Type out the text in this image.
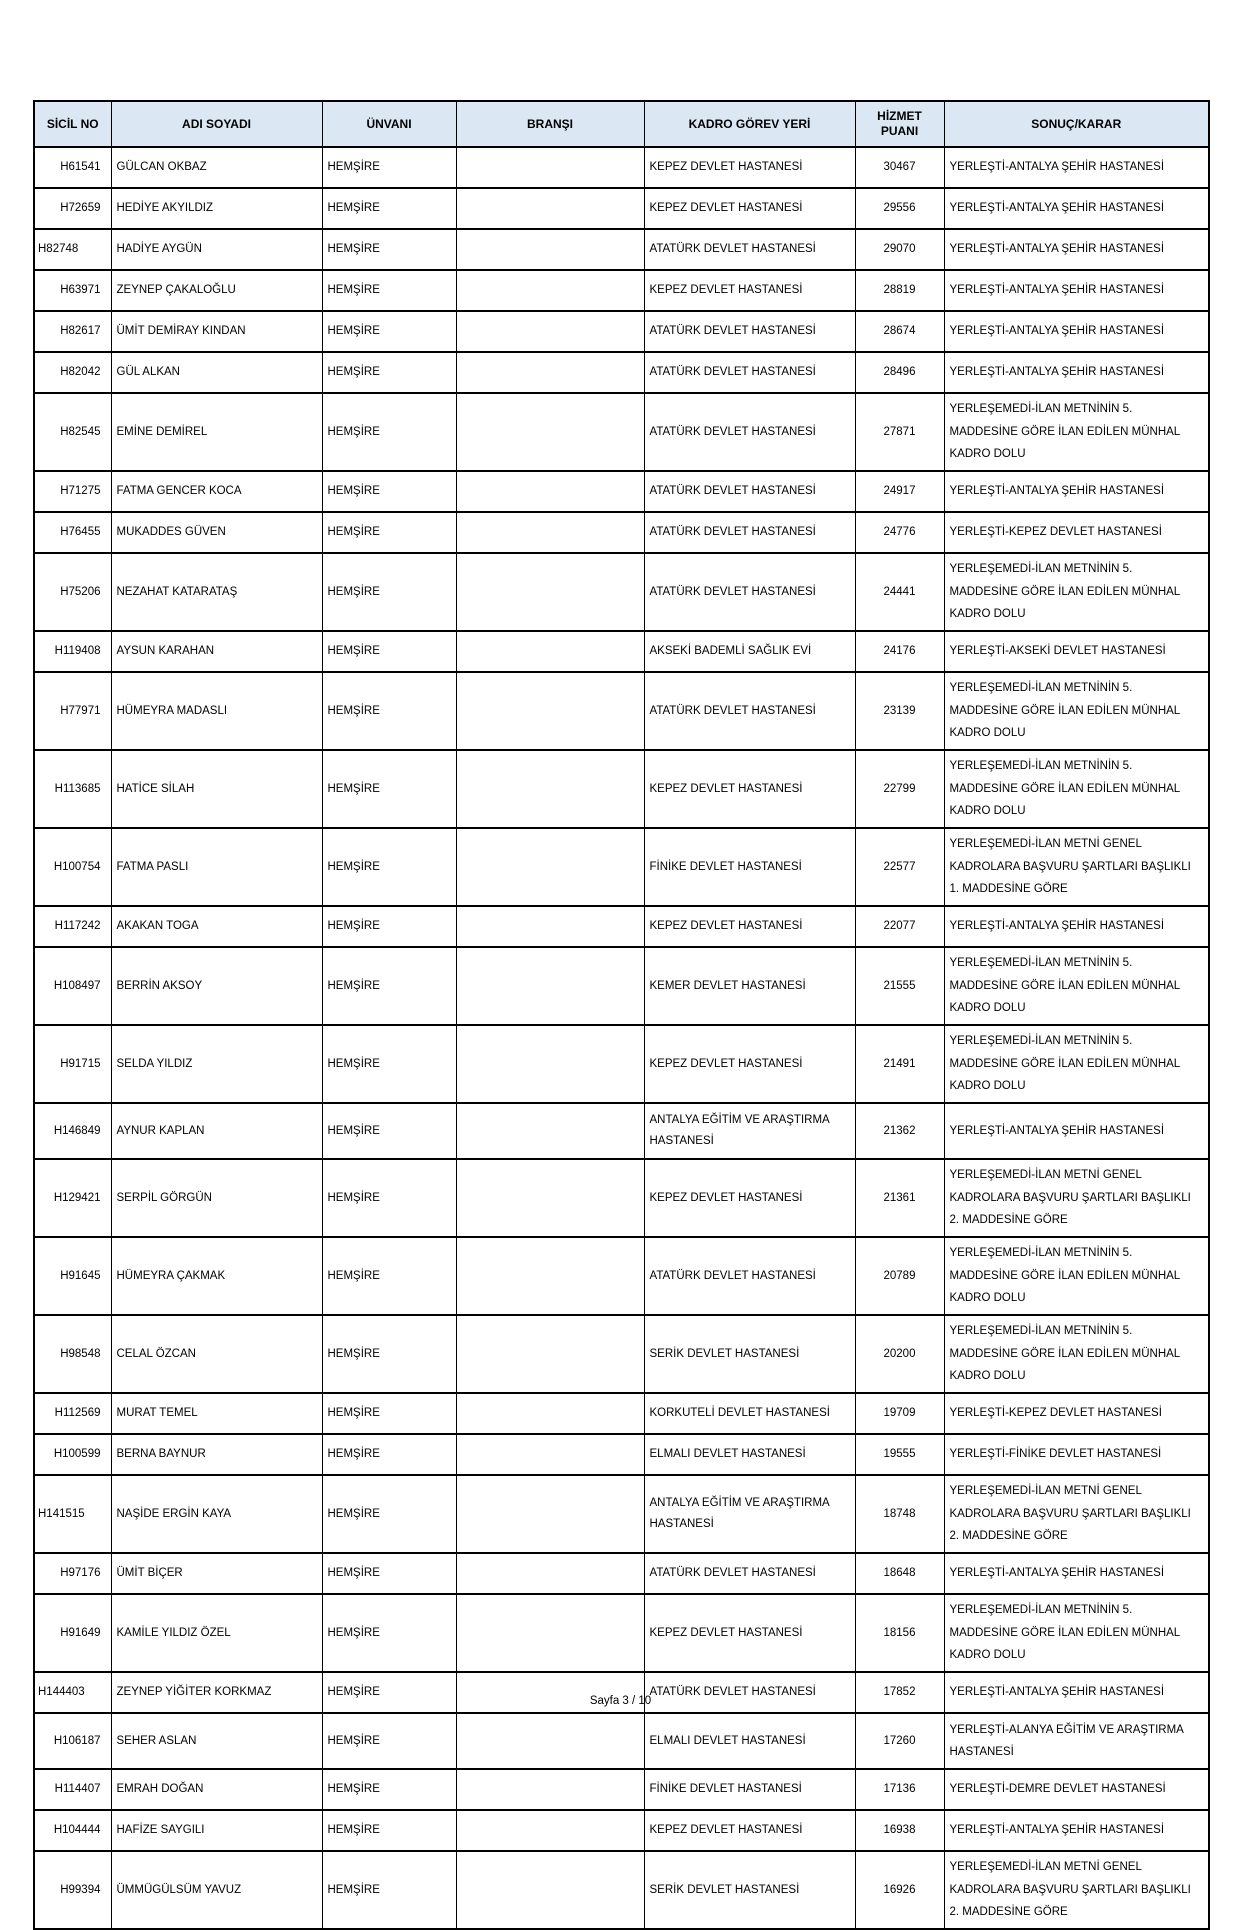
SİCİL NO	ADI SOYADI	ÜNVANI	BRANŞI	KADRO GÖREV YERİ	HİZMET PUANI	SONUÇ/KARAR
H61541	GÜLCAN OKBAZ	HEMŞİRE		KEPEZ DEVLET HASTANESİ	30467	YERLEŞTİ-ANTALYA ŞEHİR HASTANESİ
H72659	HEDİYE AKYILDIZ	HEMŞİRE		KEPEZ DEVLET HASTANESİ	29556	YERLEŞTİ-ANTALYA ŞEHİR HASTANESİ
H82748	HADİYE AYGÜN	HEMŞİRE		ATATÜRK DEVLET HASTANESİ	29070	YERLEŞTİ-ANTALYA ŞEHİR HASTANESİ
H63971	ZEYNEP ÇAKALOĞLU	HEMŞİRE		KEPEZ DEVLET HASTANESİ	28819	YERLEŞTİ-ANTALYA ŞEHİR HASTANESİ
H82617	ÜMİT DEMİRAY KINDAN	HEMŞİRE		ATATÜRK DEVLET HASTANESİ	28674	YERLEŞTİ-ANTALYA ŞEHİR HASTANESİ
H82042	GÜL ALKAN	HEMŞİRE		ATATÜRK DEVLET HASTANESİ	28496	YERLEŞTİ-ANTALYA ŞEHİR HASTANESİ
H82545	EMİNE DEMİREL	HEMŞİRE		ATATÜRK DEVLET HASTANESİ	27871	YERLEŞEMEDİ-İLAN METNİNİN 5. MADDESİNE GÖRE İLAN EDİLEN MÜNHAL KADRO DOLU
H71275	FATMA GENCER KOCA	HEMŞİRE		ATATÜRK DEVLET HASTANESİ	24917	YERLEŞTİ-ANTALYA ŞEHİR HASTANESİ
H76455	MUKADDES GÜVEN	HEMŞİRE		ATATÜRK DEVLET HASTANESİ	24776	YERLEŞTİ-KEPEZ DEVLET HASTANESİ
H75206	NEZAHAT KATARATAŞ	HEMŞİRE		ATATÜRK DEVLET HASTANESİ	24441	YERLEŞEMEDİ-İLAN METNİNİN 5. MADDESİNE GÖRE İLAN EDİLEN MÜNHAL KADRO DOLU
H119408	AYSUN KARAHAN	HEMŞİRE		AKSEKİ BADEMLİ SAĞLIK EVİ	24176	YERLEŞTİ-AKSEKİ DEVLET HASTANESİ
H77971	HÜMEYRA MADASLI	HEMŞİRE		ATATÜRK DEVLET HASTANESİ	23139	YERLEŞEMEDİ-İLAN METNİNİN 5. MADDESİNE GÖRE İLAN EDİLEN MÜNHAL KADRO DOLU
H113685	HATİCE SİLAH	HEMŞİRE		KEPEZ DEVLET HASTANESİ	22799	YERLEŞEMEDİ-İLAN METNİNİN 5. MADDESİNE GÖRE İLAN EDİLEN MÜNHAL KADRO DOLU
H100754	FATMA PASLI	HEMŞİRE		FİNİKE DEVLET HASTANESİ	22577	YERLEŞEMEDİ-İLAN METNİ GENEL KADROLARA BAŞVURU ŞARTLARI BAŞLIKLI 1. MADDESİNE GÖRE
H117242	AKAKAN TOGA	HEMŞİRE		KEPEZ DEVLET HASTANESİ	22077	YERLEŞTİ-ANTALYA ŞEHİR HASTANESİ
H108497	BERRİN AKSOY	HEMŞİRE		KEMER DEVLET HASTANESİ	21555	YERLEŞEMEDİ-İLAN METNİNİN 5. MADDESİNE GÖRE İLAN EDİLEN MÜNHAL KADRO DOLU
H91715	SELDA YILDIZ	HEMŞİRE		KEPEZ DEVLET HASTANESİ	21491	YERLEŞEMEDİ-İLAN METNİNİN 5. MADDESİNE GÖRE İLAN EDİLEN MÜNHAL KADRO DOLU
H146849	AYNUR KAPLAN	HEMŞİRE		ANTALYA EĞİTİM VE ARAŞTIRMA HASTANESİ	21362	YERLEŞTİ-ANTALYA ŞEHİR HASTANESİ
H129421	SERPİL GÖRGÜN	HEMŞİRE		KEPEZ DEVLET HASTANESİ	21361	YERLEŞEMEDİ-İLAN METNİ GENEL KADROLARA BAŞVURU ŞARTLARI BAŞLIKLI 2. MADDESİNE GÖRE
H91645	HÜMEYRA ÇAKMAK	HEMŞİRE		ATATÜRK DEVLET HASTANESİ	20789	YERLEŞEMEDİ-İLAN METNİNİN 5. MADDESİNE GÖRE İLAN EDİLEN MÜNHAL KADRO DOLU
H98548	CELAL ÖZCAN	HEMŞİRE		SERİK DEVLET HASTANESİ	20200	YERLEŞEMEDİ-İLAN METNİNİN 5. MADDESİNE GÖRE İLAN EDİLEN MÜNHAL KADRO DOLU
H112569	MURAT TEMEL	HEMŞİRE		KORKUTELİ DEVLET HASTANESİ	19709	YERLEŞTİ-KEPEZ DEVLET HASTANESİ
H100599	BERNA BAYNUR	HEMŞİRE		ELMALI DEVLET HASTANESİ	19555	YERLEŞTİ-FİNİKE DEVLET HASTANESİ
H141515	NAŞİDE ERGİN KAYA	HEMŞİRE		ANTALYA EĞİTİM VE ARAŞTIRMA HASTANESİ	18748	YERLEŞEMEDİ-İLAN METNİ GENEL KADROLARA BAŞVURU ŞARTLARI BAŞLIKLI 2. MADDESİNE GÖRE
H97176	ÜMİT BİÇER	HEMŞİRE		ATATÜRK DEVLET HASTANESİ	18648	YERLEŞTİ-ANTALYA ŞEHİR HASTANESİ
H91649	KAMİLE YILDIZ ÖZEL	HEMŞİRE		KEPEZ DEVLET HASTANESİ	18156	YERLEŞEMEDİ-İLAN METNİNİN 5. MADDESİNE GÖRE İLAN EDİLEN MÜNHAL KADRO DOLU
H144403	ZEYNEP YİĞİTER KORKMAZ	HEMŞİRE		ATATÜRK DEVLET HASTANESİ	17852	YERLEŞTİ-ANTALYA ŞEHİR HASTANESİ
H106187	SEHER ASLAN	HEMŞİRE		ELMALI DEVLET HASTANESİ	17260	YERLEŞTİ-ALANYA EĞİTİM VE ARAŞTIRMA HASTANESİ
H114407	EMRAH DOĞAN	HEMŞİRE		FİNİKE DEVLET HASTANESİ	17136	YERLEŞTİ-DEMRE DEVLET HASTANESİ
H104444	HAFİZE SAYGILI	HEMŞİRE		KEPEZ DEVLET HASTANESİ	16938	YERLEŞTİ-ANTALYA ŞEHİR HASTANESİ
H99394	ÜMMÜGÜLSÜM YAVUZ	HEMŞİRE		SERİK DEVLET HASTANESİ	16926	YERLEŞEMEDİ-İLAN METNİ GENEL KADROLARA BAŞVURU ŞARTLARI BAŞLIKLI 2. MADDESİNE GÖRE
Sayfa 3 / 10
